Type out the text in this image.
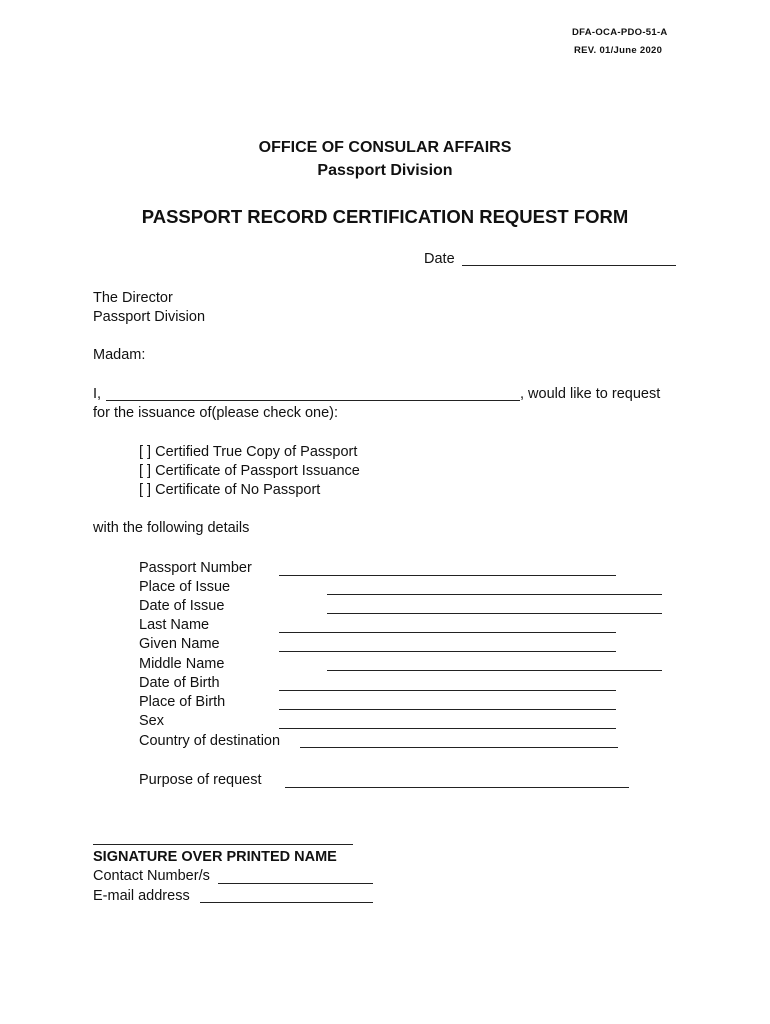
DFA-OCA-PDO-51-A
REV. 01/June 2020
OFFICE OF CONSULAR AFFAIRS
Passport Division
PASSPORT RECORD CERTIFICATION REQUEST FORM
Date
The Director
Passport Division
Madam:
I,	, would like to request
for the issuance of(please check one):
[ ] Certified True Copy of Passport
[ ] Certificate of Passport Issuance
[ ] Certificate of No Passport
with the following details
Passport Number
Place of Issue
Date of Issue
Last Name
Given Name
Middle Name
Date of Birth
Place of Birth
Sex
Country of destination
Purpose of request
SIGNATURE OVER PRINTED NAME
Contact Number/s
E-mail address
